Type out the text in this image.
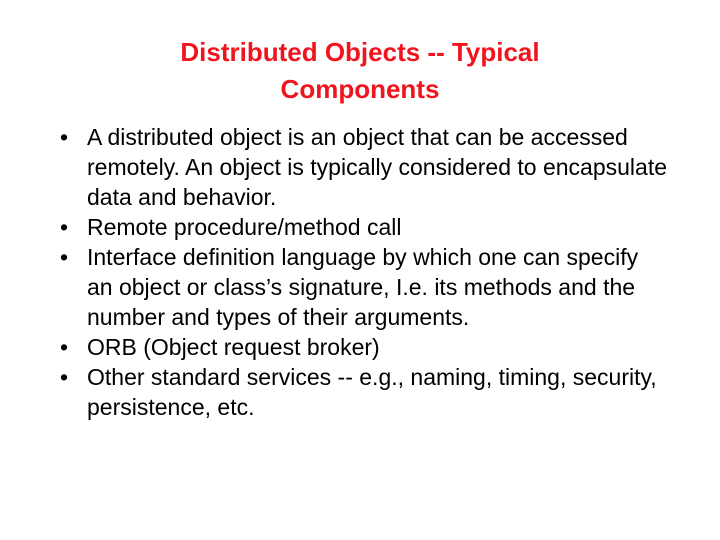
Distributed Objects -- Typical
Components
• A distributed object is an object that can be accessed remotely. An object is typically considered to encapsulate data and behavior.
• Remote procedure/method call
• Interface definition language by which one can specify an object or class’s signature, I.e. its methods and the number and types of their arguments.
• ORB (Object request broker)
• Other standard services -- e.g., naming, timing, security, persistence, etc.
